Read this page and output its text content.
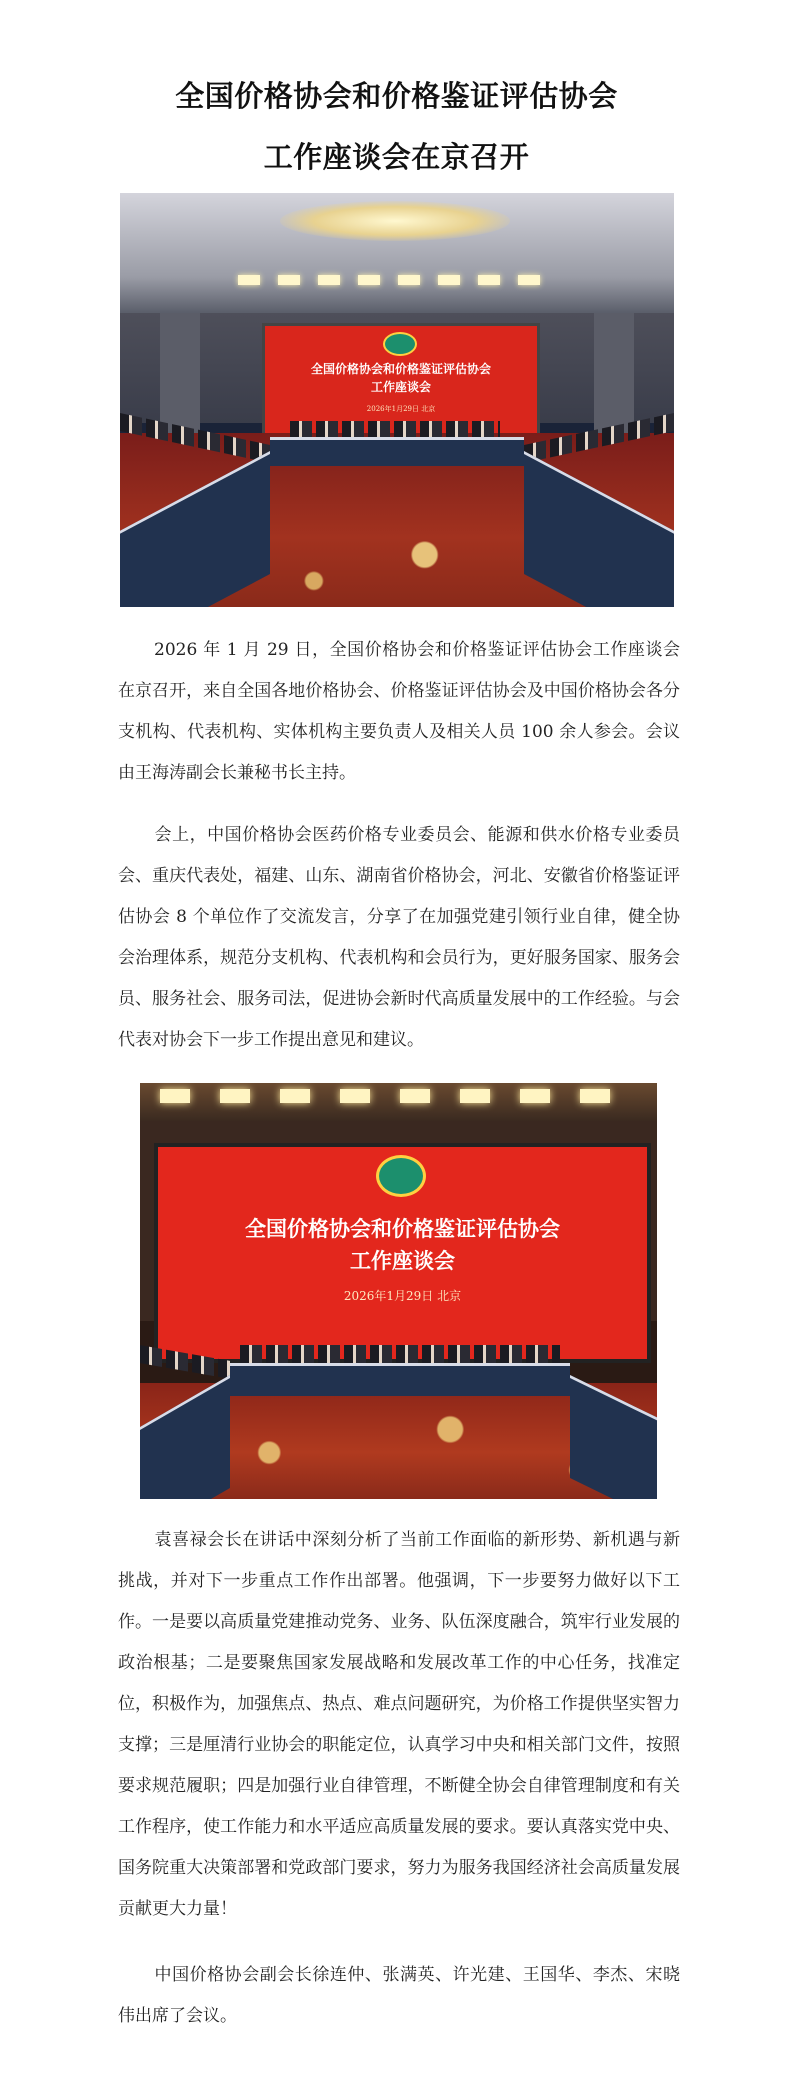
全国价格协会和价格鉴证评估协会
工作座谈会在京召开
全国价格协会和价格鉴证评估协会
工作座谈会
2026年1月29日 北京
2026 年 1 月 29 日，全国价格协会和价格鉴证评估协会工作座谈会在京召开，来自全国各地价格协会、价格鉴证评估协会及中国价格协会各分支机构、代表机构、实体机构主要负责人及相关人员 100 余人参会。会议由王海涛副会长兼秘书长主持。
会上，中国价格协会医药价格专业委员会、能源和供水价格专业委员会、重庆代表处，福建、山东、湖南省价格协会，河北、安徽省价格鉴证评估协会 8 个单位作了交流发言，分享了在加强党建引领行业自律，健全协会治理体系，规范分支机构、代表机构和会员行为，更好服务国家、服务会员、服务社会、服务司法，促进协会新时代高质量发展中的工作经验。与会代表对协会下一步工作提出意见和建议。
全国价格协会和价格鉴证评估协会
工作座谈会
2026年1月29日 北京
袁喜禄会长在讲话中深刻分析了当前工作面临的新形势、新机遇与新挑战，并对下一步重点工作作出部署。他强调，下一步要努力做好以下工作。一是要以高质量党建推动党务、业务、队伍深度融合，筑牢行业发展的政治根基；二是要聚焦国家发展战略和发展改革工作的中心任务，找准定位，积极作为，加强焦点、热点、难点问题研究，为价格工作提供坚实智力支撑；三是厘清行业协会的职能定位，认真学习中央和相关部门文件，按照要求规范履职；四是加强行业自律管理，不断健全协会自律管理制度和有关工作程序，使工作能力和水平适应高质量发展的要求。要认真落实党中央、国务院重大决策部署和党政部门要求，努力为服务我国经济社会高质量发展贡献更大力量！
中国价格协会副会长徐连仲、张满英、许光建、王国华、李杰、宋晓伟出席了会议。
